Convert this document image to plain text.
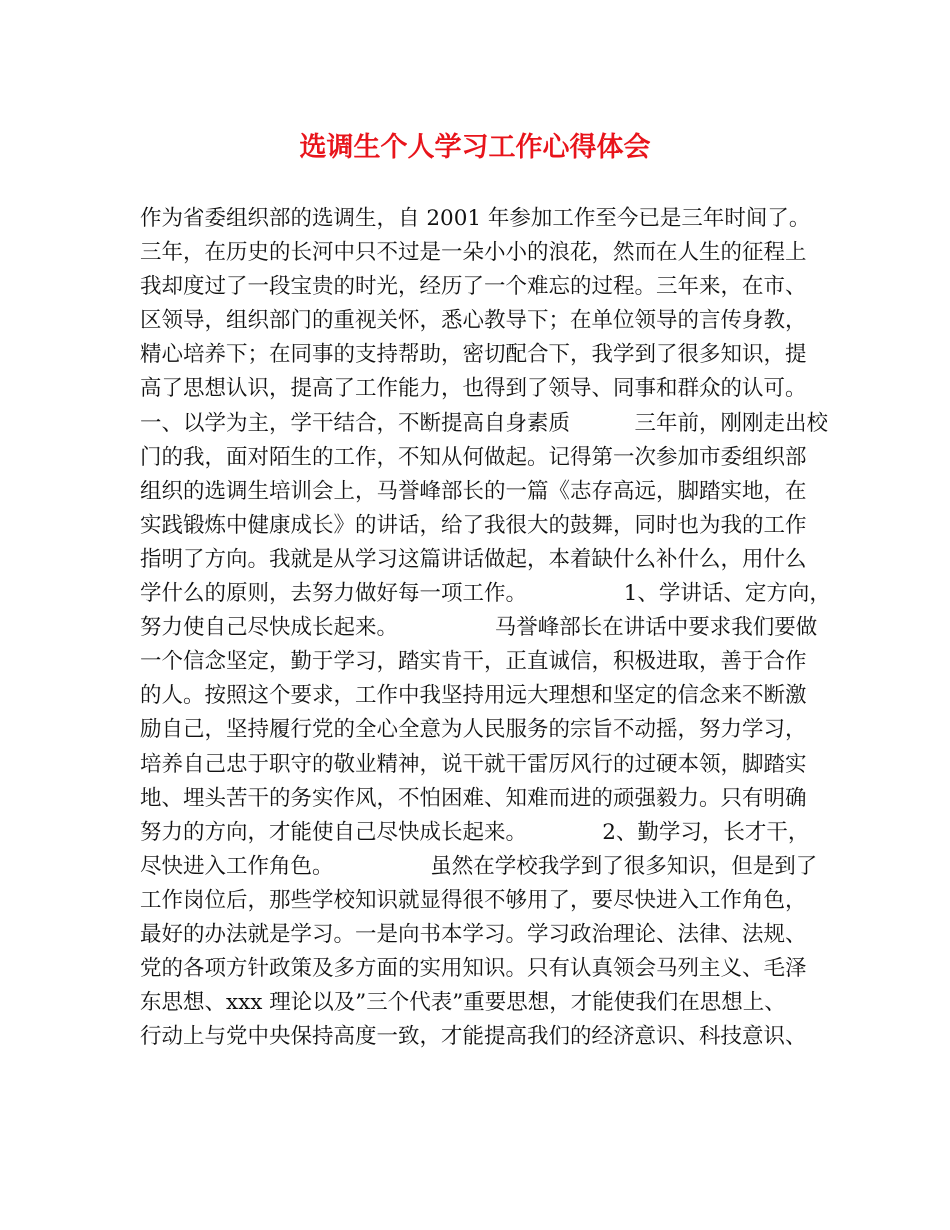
选调生个人学习工作心得体会
作为省委组织部的选调生，自 2001 年参加工作至今已是三年时间了。
三年，在历史的长河中只不过是一朵小小的浪花，然而在人生的征程上
我却度过了一段宝贵的时光，经历了一个难忘的过程。三年来，在市、
区领导，组织部门的重视关怀，悉心教导下；在单位领导的言传身教，
精心培养下；在同事的支持帮助，密切配合下，我学到了很多知识，提
高了思想认识，提高了工作能力，也得到了领导、同事和群众的认可。
一、以学为主，学干结合，不断提高自身素质　　　三年前，刚刚走出校
门的我，面对陌生的工作，不知从何做起。记得第一次参加市委组织部
组织的选调生培训会上，马誉峰部长的一篇《志存高远，脚踏实地，在
实践锻炼中健康成长》的讲话，给了我很大的鼓舞，同时也为我的工作
指明了方向。我就是从学习这篇讲话做起，本着缺什么补什么，用什么
学什么的原则，去努力做好每一项工作。　　　　　1、学讲话、定方向，
努力使自己尽快成长起来。　　　　　马誉峰部长在讲话中要求我们要做
一个信念坚定，勤于学习，踏实肯干，正直诚信，积极进取，善于合作
的人。按照这个要求，工作中我坚持用远大理想和坚定的信念来不断激
励自己，坚持履行党的全心全意为人民服务的宗旨不动摇，努力学习，
培养自己忠于职守的敬业精神，说干就干雷厉风行的过硬本领，脚踏实
地、埋头苦干的务实作风，不怕困难、知难而进的顽强毅力。只有明确
努力的方向，才能使自己尽快成长起来。　　　　2、勤学习，长才干，
尽快进入工作角色。　　　　　虽然在学校我学到了很多知识，但是到了
工作岗位后，那些学校知识就显得很不够用了，要尽快进入工作角色，
最好的办法就是学习。一是向书本学习。学习政治理论、法律、法规、
党的各项方针政策及多方面的实用知识。只有认真领会马列主义、毛泽
东思想、xxx 理论以及”三个代表”重要思想，才能使我们在思想上、
行动上与党中央保持高度一致，才能提高我们的经济意识、科技意识、
